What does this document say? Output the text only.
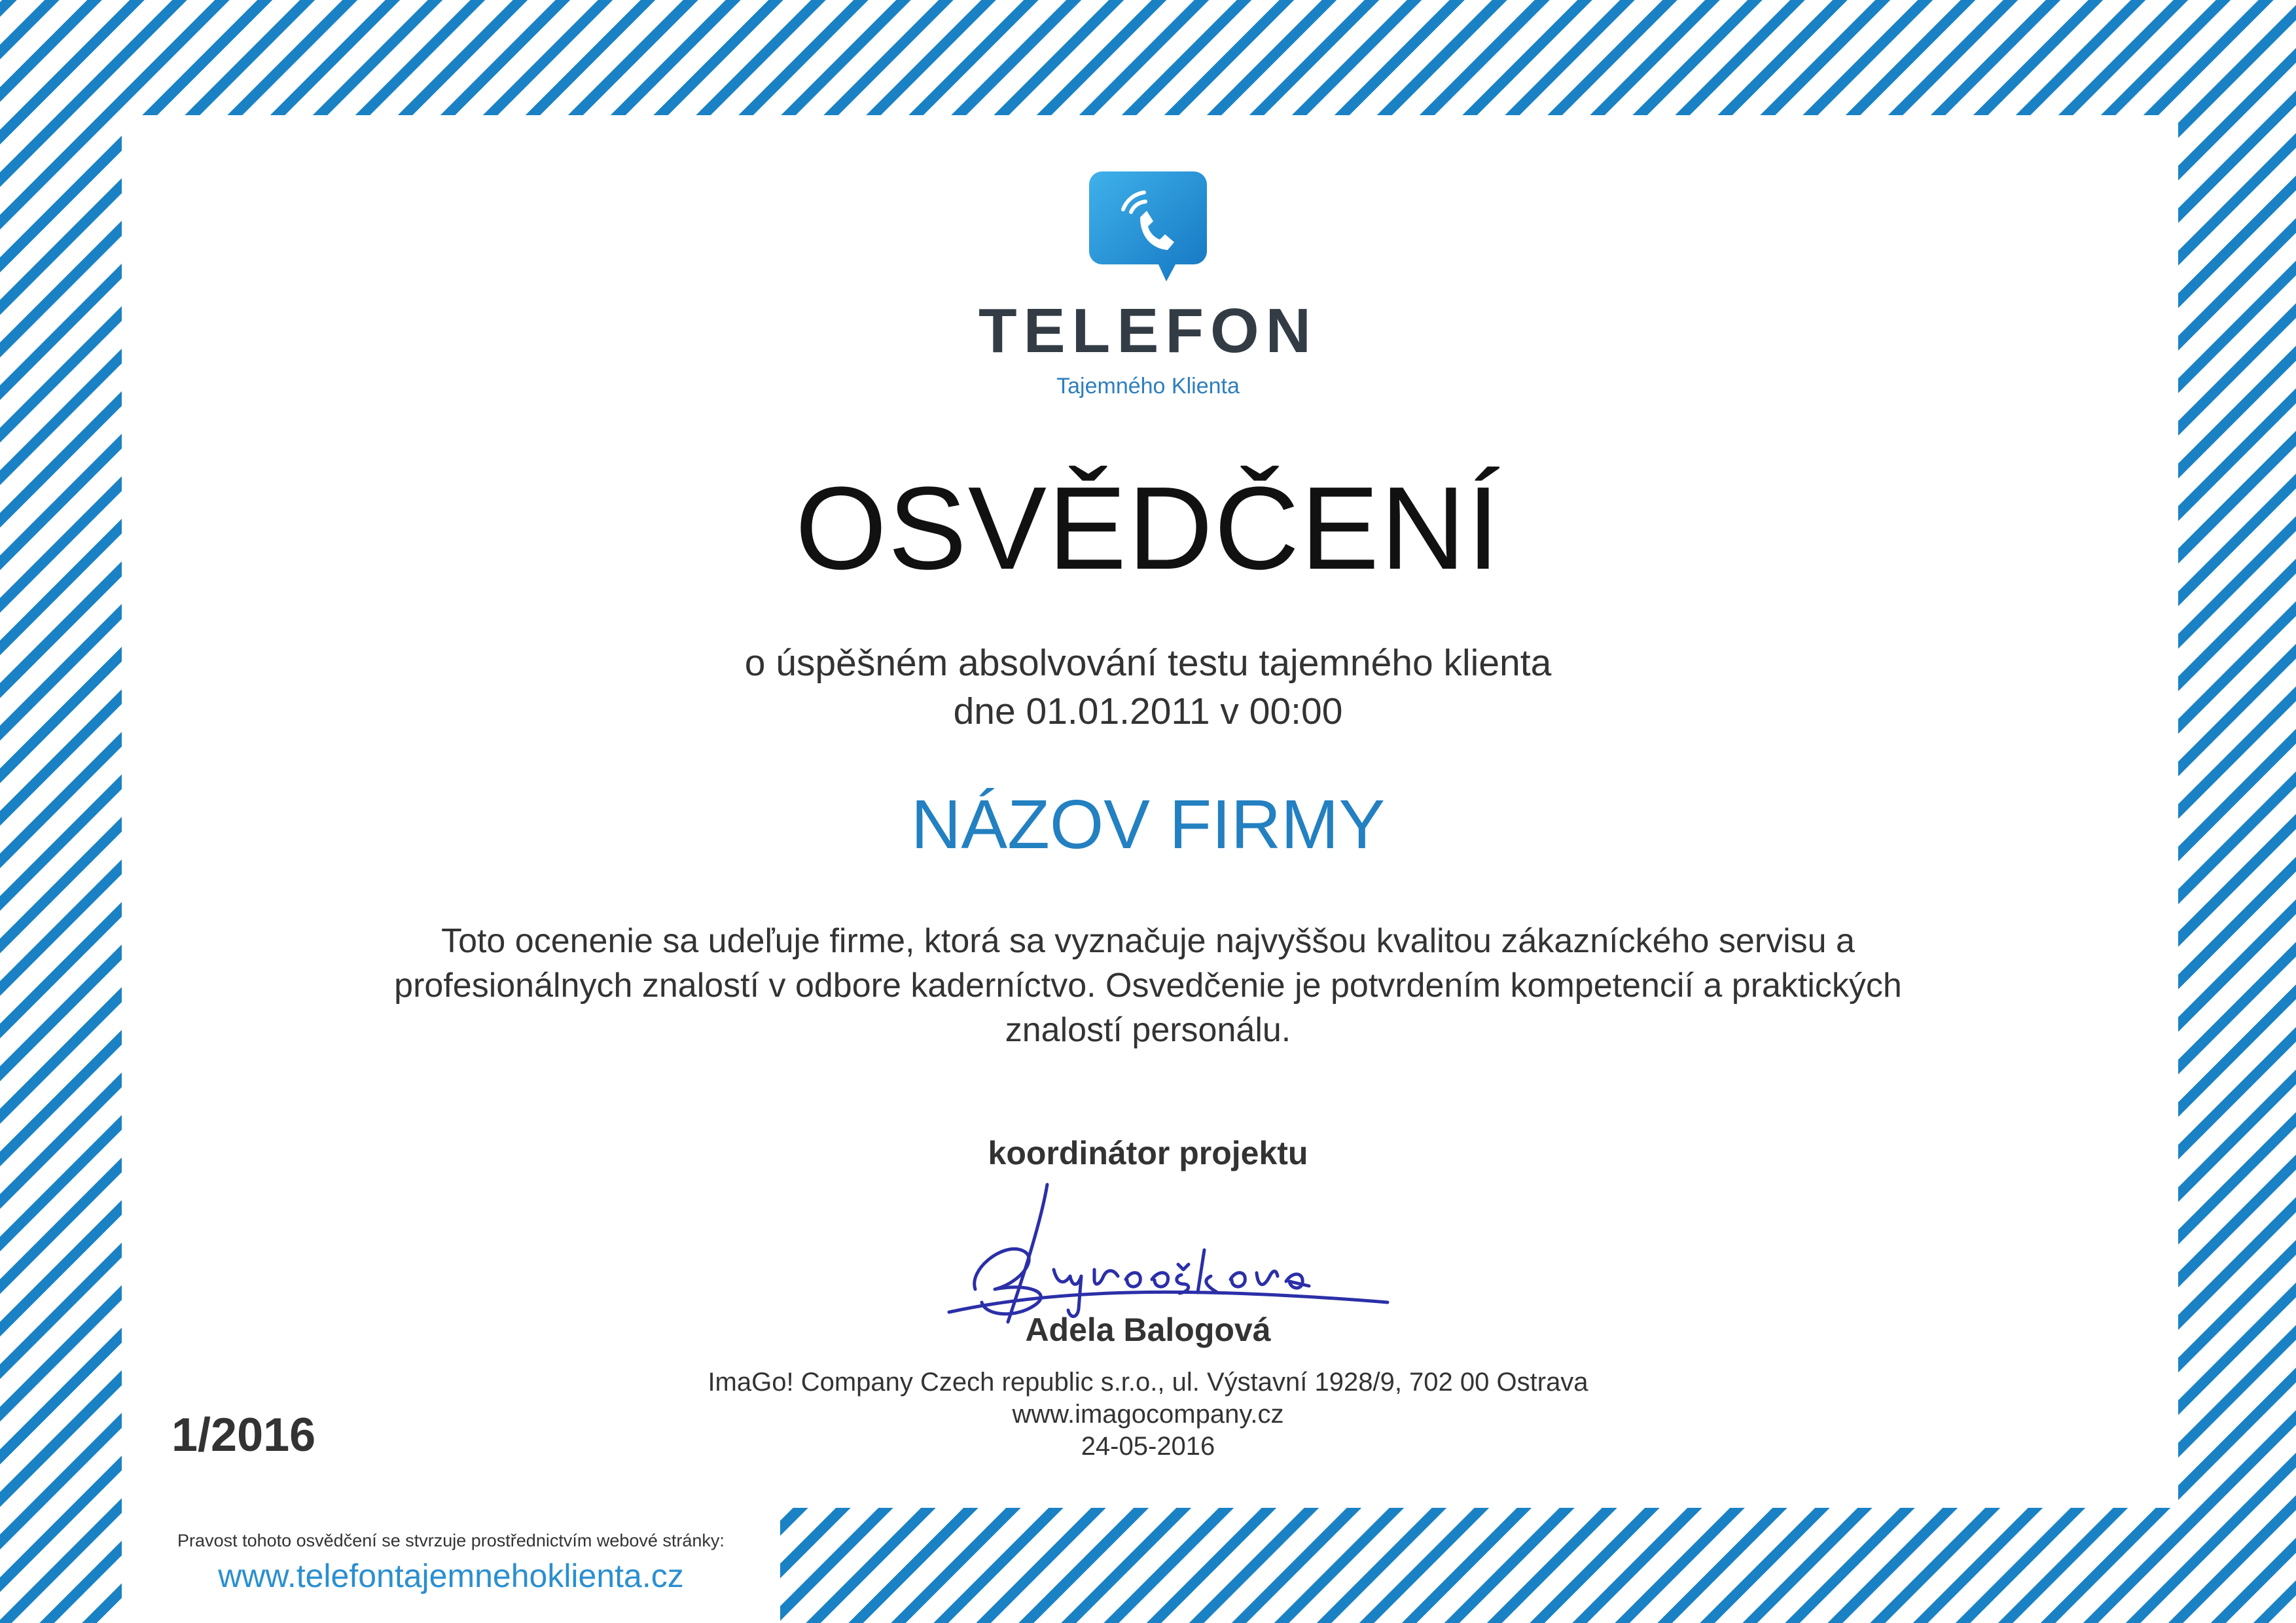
TELEFON
Tajemného Klienta
OSVĚDČENÍ
o úspěšném absolvování testu tajemného klienta
dne 01.01.2011 v 00:00
NÁZOV FIRMY
Toto ocenenie sa udeľuje firme, ktorá sa vyznačuje najvyššou kvalitou zákazníckého servisu a
profesionálnych znalostí v odbore kaderníctvo. Osvedčenie je potvrdením kompetencií a praktických
znalostí personálu.
koordinátor projektu
Adela Balogová
ImaGo! Company Czech republic s.r.o., ul. Výstavní 1928/9, 702 00 Ostrava
www.imagocompany.cz
24-05-2016
1/2016
Pravost tohoto osvědčení se stvrzuje prostřednictvím webové stránky:
www.telefontajemnehoklienta.cz
